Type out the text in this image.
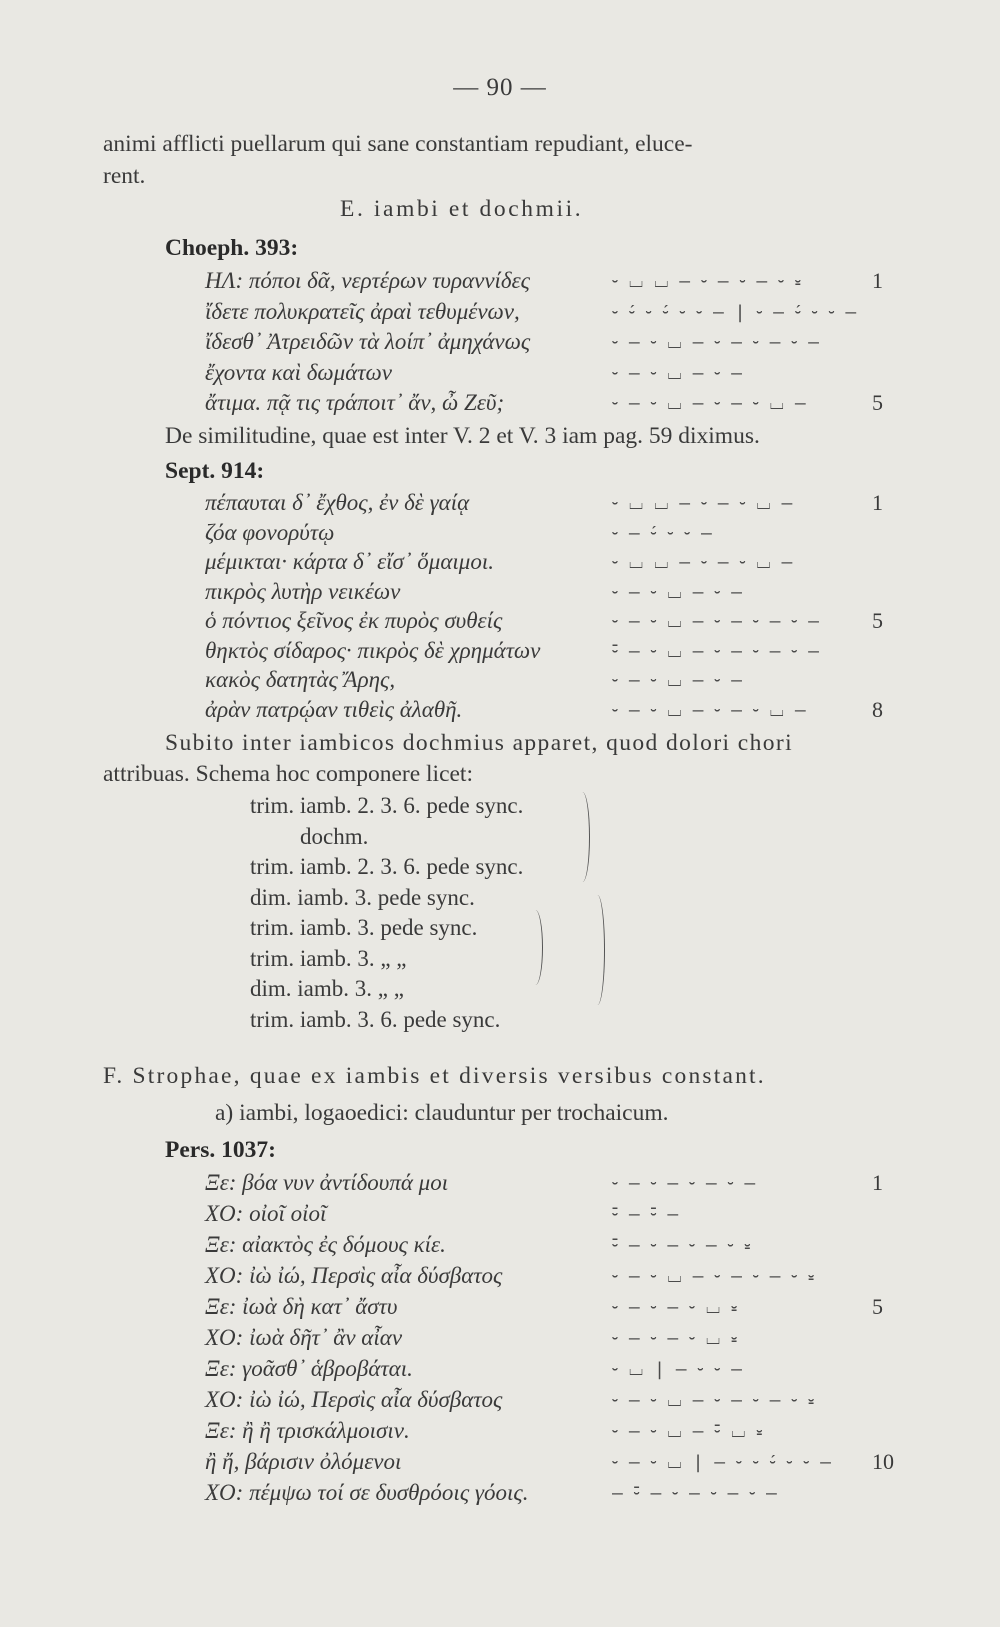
— 90 —
animi afflicti puellarum qui sane constantiam repudiant, eluce-
rent.
E. iambi et dochmii.
Choeph. 393:
ΗΛ: πόποι δᾶ, νερτέρων τυραννίδες	⏑ ⌴ ⌴ – ⏑ – ⏑ – ⏑ ⏓	1
ἴδετε πολυκρατεῖς ἀραὶ τεθυμένων,	⏑ ⏑́ ⏑ ⏑́ ⏑ ⏑ – | ⏑ – ⏑́ ⏑ ⏑ –
ἴδεσθ᾽ Ἀτρειδῶν τὰ λοίπ᾽ ἀμηχάνως	⏑ – ⏑ ⌴ – ⏑ – ⏑ – ⏑ –
ἔχοντα καὶ δωμάτων	⏑ – ⏑ ⌴ – ⏑ –
ἄτιμα. πᾷ τις τράποιτ᾽ ἄν, ὦ Ζεῦ;	⏑ – ⏑ ⌴ – ⏑ – ⏑ ⌴ –	5
De similitudine, quae est inter V. 2 et V. 3 iam pag. 59 diximus.
Sept. 914:
πέπαυται δ᾽ ἔχθος, ἐν δὲ γαίᾳ	⏑ ⌴ ⌴ – ⏑ – ⏑ ⌴ –	1
ζόα φονορύτῳ	⏑ – ⏑́ ⏑ ⏑ –
μέμικται· κάρτα δ᾽ εἴσ᾽ ὅμαιμοι.	⏑ ⌴ ⌴ – ⏑ – ⏑ ⌴ –
πικρὸς λυτὴρ νεικέων	⏑ – ⏑ ⌴ – ⏑ –
ὁ πόντιος ξεῖνος ἐκ πυρὸς συθείς	⏑ – ⏑ ⌴ – ⏑ – ⏑ – ⏑ – 5
θηκτὸς σίδαρος· πικρὸς δὲ χρημάτων	⏑̄ – ⏑ ⌴ – ⏑ – ⏑ – ⏑ –
κακὸς δατητὰς Ἄρης,	⏑ – ⏑ ⌴ – ⏑ –
ἀρὰν πατρῴαν τιθεὶς ἀλαθῆ.	⏑ – ⏑ ⌴ – ⏑ – ⏑ ⌴ –	8
Subito inter iambicos dochmius apparet, quod dolori chori
attribuas. Schema hoc componere licet:
trim. iamb. 2. 3. 6. pede sync.
dochm.
trim. iamb. 2. 3. 6. pede sync.
dim. iamb. 3. pede sync.
trim. iamb. 3. pede sync.
trim. iamb. 3. „ „
dim. iamb. 3. „ „
trim. iamb. 3. 6. pede sync.
F. Strophae, quae ex iambis et diversis versibus constant.
a) iambi, logaoedici: clauduntur per trochaicum.
Pers. 1037:
Ξε: βόα νυν ἀντίδουπά μοι	⏑ – ⏑ – ⏑ – ⏑ –	1
ΧΟ: οἰοῖ οἰοῖ	⏑̄ – ⏑̄ –
Ξε: αἰακτὸς ἐς δόμους κίε.	⏑̄ – ⏑ – ⏑ – ⏑ ⏓
ΧΟ: ἰὼ ἰώ, Περσὶς αἶα δύσβατος	⏑ – ⏑ ⌴ – ⏑ – ⏑ – ⏑ ⏓
Ξε: ἰωὰ δὴ κατ᾽ ἄστυ	⏑ – ⏑ – ⏑ ⌴ ⏓	5
ΧΟ: ἰωὰ δῆτ᾽ ἂν αἶαν	⏑ – ⏑ – ⏑ ⌴ ⏓
Ξε: γοᾶσθ᾽ ἁβροβάται.	⏑ ⌴ | – ⏑ ⏑ –
ΧΟ: ἰὼ ἰώ, Περσὶς αἶα δύσβατος	⏑ – ⏑ ⌴ – ⏑ – ⏑ – ⏑ ⏓
Ξε: ἢ ἢ τρισκάλμοισιν.	⏑ – ⏑ ⌴ – ⏑̄ ⌴ ⏓
ἢ ἤ, βάρισιν ὀλόμενοι	⏑ – ⏑ ⌴ | – ⏑ ⏑ ⏑́ ⏑ ⏑ – 10
ΧΟ: πέμψω τοί σε δυσθρόοις γόοις.	– ⏑̄ – ⏑ – ⏑ – ⏑ –
